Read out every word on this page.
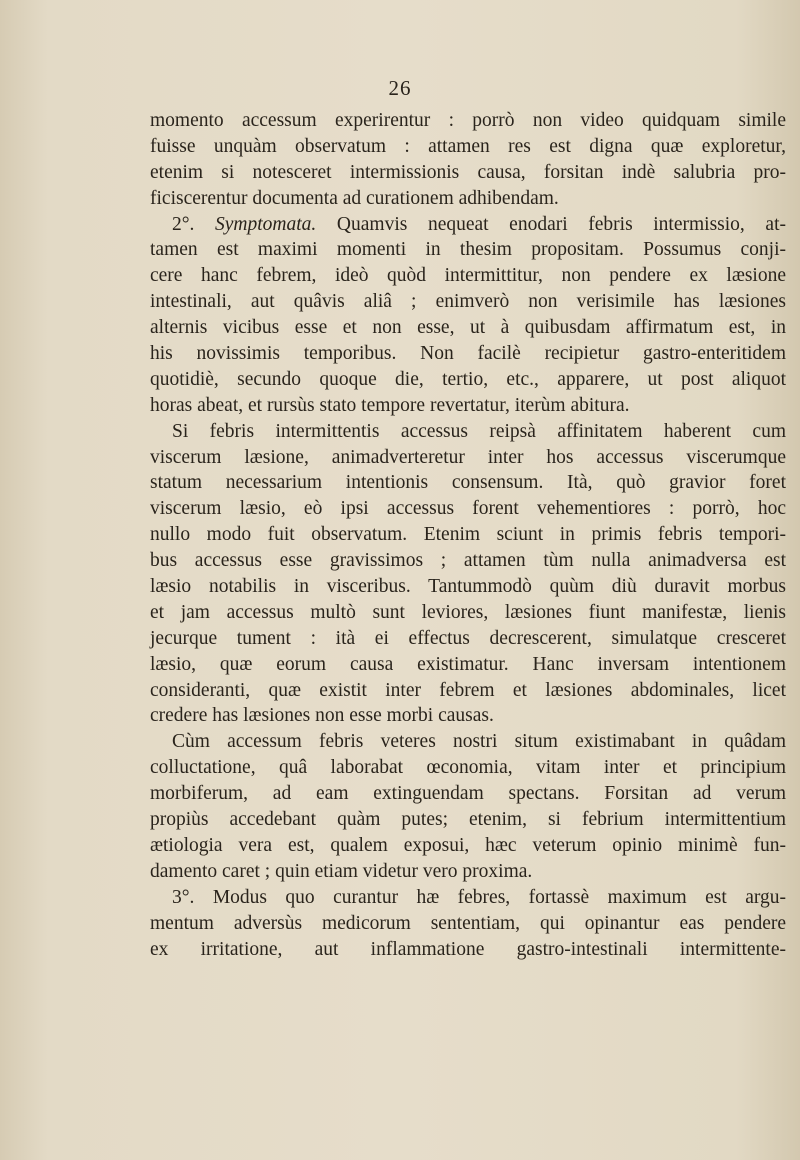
26
momento accessum experirentur : porrò non video quidquam simile
fuisse unquàm observatum : attamen res est digna quæ exploretur,
etenim si notesceret intermissionis causa, forsitan indè salubria pro-
ficiscerentur documenta ad curationem adhibendam.
2°. Symptomata. Quamvis nequeat enodari febris intermissio, at-
tamen est maximi momenti in thesim propositam. Possumus conji-
cere hanc febrem, ideò quòd intermittitur, non pendere ex læsione
intestinali, aut quâvis aliâ ; enimverò non verisimile has læsiones
alternis vicibus esse et non esse, ut à quibusdam affirmatum est, in
his novissimis temporibus. Non facilè recipietur gastro-enteritidem
quotidiè, secundo quoque die, tertio, etc., apparere, ut post aliquot
horas abeat, et rursùs stato tempore revertatur, iterùm abitura.
Si febris intermittentis accessus reipsà affinitatem haberent cum
viscerum læsione, animadverteretur inter hos accessus viscerumque
statum necessarium intentionis consensum. Ità, quò gravior foret
viscerum læsio, eò ipsi accessus forent vehementiores : porrò, hoc
nullo modo fuit observatum. Etenim sciunt in primis febris tempori-
bus accessus esse gravissimos ; attamen tùm nulla animadversa est
læsio notabilis in visceribus. Tantummodò quùm diù duravit morbus
et jam accessus multò sunt leviores, læsiones fiunt manifestæ, lienis
jecurque tument : ità ei effectus decrescerent, simulatque cresceret
læsio, quæ eorum causa existimatur. Hanc inversam intentionem
consideranti, quæ existit inter febrem et læsiones abdominales, licet
credere has læsiones non esse morbi causas.
Cùm accessum febris veteres nostri situm existimabant in quâdam
colluctatione, quâ laborabat œconomia, vitam inter et principium
morbiferum, ad eam extinguendam spectans. Forsitan ad verum
propiùs accedebant quàm putes; etenim, si febrium intermittentium
ætiologia vera est, qualem exposui, hæc veterum opinio minimè fun-
damento caret ; quin etiam videtur vero proxima.
3°. Modus quo curantur hæ febres, fortassè maximum est argu-
mentum adversùs medicorum sententiam, qui opinantur eas pendere
ex irritatione, aut inflammatione gastro-intestinali intermittente-
